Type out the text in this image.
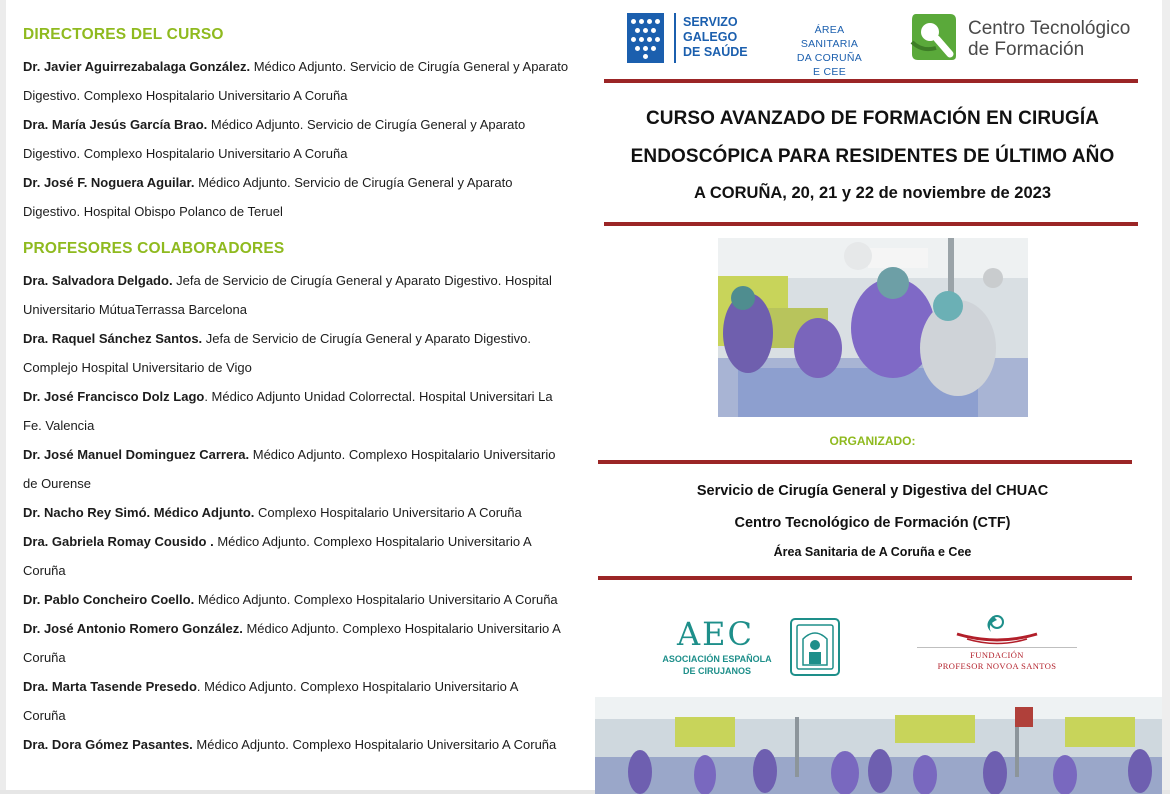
DIRECTORES DEL CURSO
Dr. Javier Aguirrezabalaga González. Médico Adjunto. Servicio de Cirugía General y Aparato
Digestivo. Complexo Hospitalario Universitario A Coruña
Dra. María Jesús García Brao. Médico Adjunto. Servicio de Cirugía General y Aparato
Digestivo. Complexo Hospitalario Universitario A Coruña
Dr. José F. Noguera Aguilar. Médico Adjunto. Servicio de Cirugía General y Aparato
Digestivo. Hospital Obispo Polanco de Teruel
PROFESORES COLABORADORES
Dra. Salvadora Delgado. Jefa de Servicio de Cirugía General y Aparato Digestivo. Hospital
Universitario MútuaTerrassa Barcelona
Dra. Raquel Sánchez Santos. Jefa de Servicio de Cirugía General y Aparato Digestivo.
Complejo Hospital Universitario de Vigo
Dr. José Francisco Dolz Lago. Médico Adjunto Unidad Colorrectal. Hospital Universitari La
Fe. Valencia
Dr. José Manuel Dominguez Carrera. Médico Adjunto. Complexo Hospitalario Universitario
de Ourense
Dr. Nacho Rey Simó. Médico Adjunto. Complexo Hospitalario Universitario A Coruña
Dra. Gabriela Romay Cousido . Médico Adjunto. Complexo Hospitalario Universitario A
Coruña
Dr. Pablo Concheiro Coello. Médico Adjunto. Complexo Hospitalario Universitario A Coruña
Dr. José Antonio Romero González. Médico Adjunto. Complexo Hospitalario Universitario A
Coruña
Dra. Marta Tasende Presedo. Médico Adjunto. Complexo Hospitalario Universitario A
Coruña
Dra. Dora Gómez Pasantes. Médico Adjunto. Complexo Hospitalario Universitario A Coruña
SERVIZO
GALEGO
DE SAÚDE
ÁREA SANITARIA
DA CORUÑA E CEE
Centro Tecnológico
de Formación
CURSO AVANZADO DE FORMACIÓN EN CIRUGÍA
ENDOSCÓPICA PARA RESIDENTES DE ÚLTIMO AÑO
A CORUÑA, 20, 21 y 22 de noviembre de 2023
ORGANIZADO:
Servicio de Cirugía General y Digestiva del CHUAC
Centro Tecnológico de Formación (CTF)
Área Sanitaria de A Coruña e Cee
AEC
ASOCIACIÓN ESPAÑOLA
DE CIRUJANOS
FUNDACIÓN
PROFESOR NOVOA SANTOS
